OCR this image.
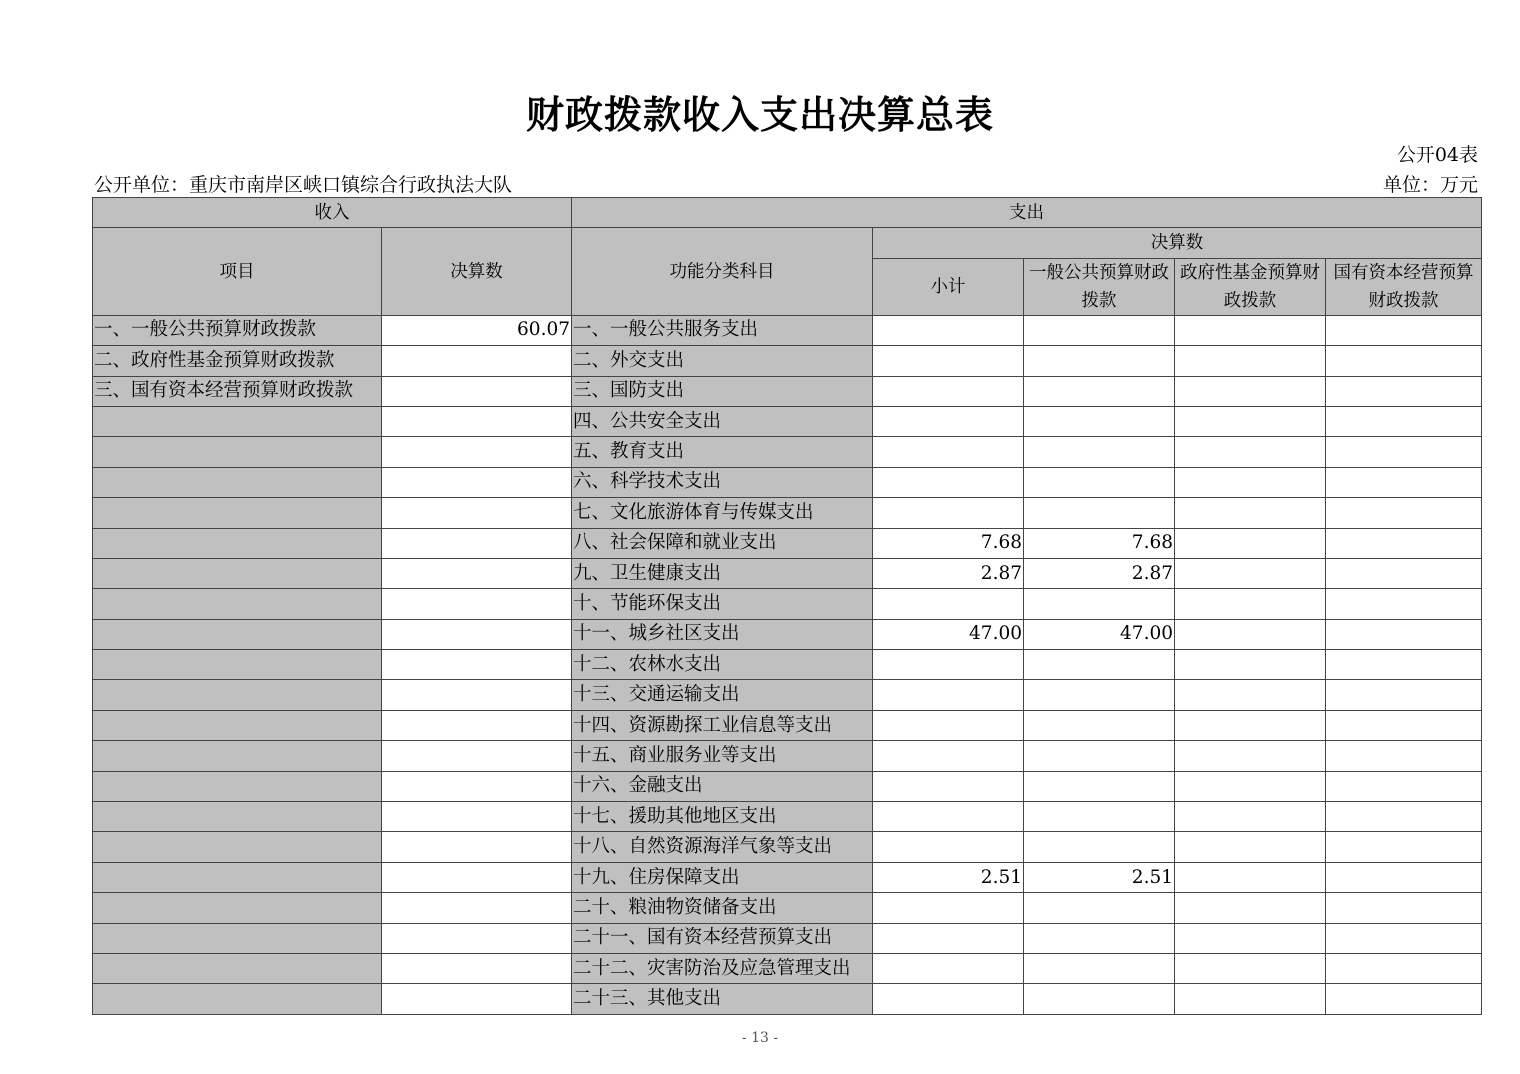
财政拨款收入支出决算总表
公开04表
公开单位：重庆市南岸区峡口镇综合行政执法大队	单位：万元
收入		支出				
项目	决算数	功能分类科目	决算数			
			小计	一般公共预算财政拨款	政府性基金预算财政拨款	国有资本经营预算财政拨款

一、一般公共预算财政拨款	60.07	一、一般公共服务支出				
二、政府性基金预算财政拨款		二、外交支出				
三、国有资本经营预算财政拨款		三、国防支出				
		四、公共安全支出				
		五、教育支出				
		六、科学技术支出				
		七、文化旅游体育与传媒支出				
		八、社会保障和就业支出	7.68	7.68		
		九、卫生健康支出	2.87	2.87		
		十、节能环保支出				
		十一、城乡社区支出	47.00	47.00		
		十二、农林水支出				
		十三、交通运输支出				
		十四、资源勘探工业信息等支出				
		十五、商业服务业等支出				
		十六、金融支出				
		十七、援助其他地区支出				
		十八、自然资源海洋气象等支出				
		十九、住房保障支出	2.51	2.51		
		二十、粮油物资储备支出				
		二十一、国有资本经营预算支出				
		二十二、灾害防治及应急管理支出				
		二十三、其他支出				
- 13 -
